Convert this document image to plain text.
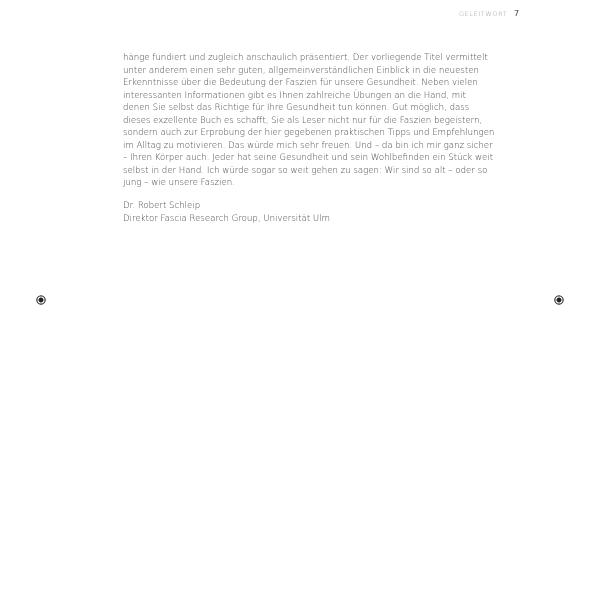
GELEITWORT 7

hänge fundiert und zugleich anschaulich präsentiert. Der vorliegende Titel vermittelt unter anderem einen sehr guten, allgemeinverständlichen Einblick in die neuesten Erkenntnisse über die Bedeutung der Faszien für unsere Gesundheit. Neben vielen interessanten Informationen gibt es Ihnen zahlreiche Übungen an die Hand, mit denen Sie selbst das Richtige für Ihre Gesundheit tun können. Gut möglich, dass dieses exzellente Buch es schafft, Sie als Leser nicht nur für die Faszien begeistern, sondern auch zur Erprobung der hier gegebenen praktischen Tipps und Empfehlungen im Alltag zu motivieren. Das würde mich sehr freuen. Und – da bin ich mir ganz sicher – Ihren Körper auch. Jeder hat seine Gesundheit und sein Wohlbefinden ein Stück weit selbst in der Hand. Ich würde sogar so weit gehen zu sagen: Wir sind so alt – oder so jung – wie unsere Faszien.

Dr. Robert Schleip
Direktor Fascia Research Group, Universität Ulm
